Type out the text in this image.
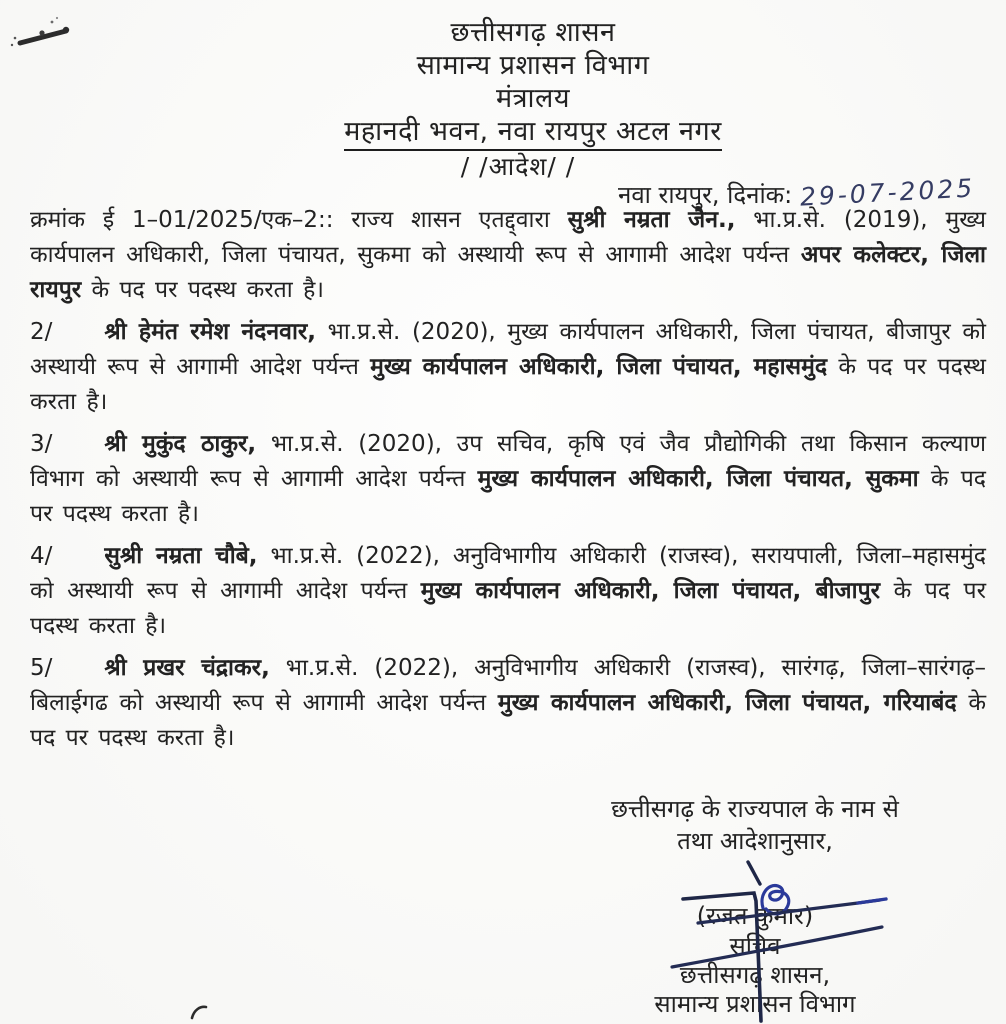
छत्तीसगढ़ शासन
सामान्य प्रशासन विभाग
मंत्रालय
महानदी भवन, नवा रायपुर अटल नगर
/ /आदेश/ /
नवा रायपुर, दिनांक: 29-07-2025

क्रमांक ई 1–01/2025/एक–2:: राज्य शासन एतद्द्वारा सुश्री नम्रता जैन., भा.प्र.से. (2019), मुख्य कार्यपालन अधिकारी, जिला पंचायत, सुकमा को अस्थायी रूप से आगामी आदेश पर्यन्त अपर कलेक्टर, जिला रायपुर के पद पर पदस्थ करता है।

2/ श्री हेमंत रमेश नंदनवार, भा.प्र.से. (2020), मुख्य कार्यपालन अधिकारी, जिला पंचायत, बीजापुर को अस्थायी रूप से आगामी आदेश पर्यन्त मुख्य कार्यपालन अधिकारी, जिला पंचायत, महासमुंद के पद पर पदस्थ करता है।

3/ श्री मुकुंद ठाकुर, भा.प्र.से. (2020), उप सचिव, कृषि एवं जैव प्रौद्योगिकी तथा किसान कल्याण विभाग को अस्थायी रूप से आगामी आदेश पर्यन्त मुख्य कार्यपालन अधिकारी, जिला पंचायत, सुकमा के पद पर पदस्थ करता है।

4/ सुश्री नम्रता चौबे, भा.प्र.से. (2022), अनुविभागीय अधिकारी (राजस्व), सरायपाली, जिला–महासमुंद को अस्थायी रूप से आगामी आदेश पर्यन्त मुख्य कार्यपालन अधिकारी, जिला पंचायत, बीजापुर के पद पर पदस्थ करता है।

5/ श्री प्रखर चंद्राकर, भा.प्र.से. (2022), अनुविभागीय अधिकारी (राजस्व), सारंगढ़, जिला–सारंगढ़–बिलाईगढ को अस्थायी रूप से आगामी आदेश पर्यन्त मुख्य कार्यपालन अधिकारी, जिला पंचायत, गरियाबंद के पद पर पदस्थ करता है।

छत्तीसगढ़ के राज्यपाल के नाम से
तथा आदेशानुसार,
(रजत कुमार)
सचिव
छत्तीसगढ़ शासन,
सामान्य प्रशासन विभाग
